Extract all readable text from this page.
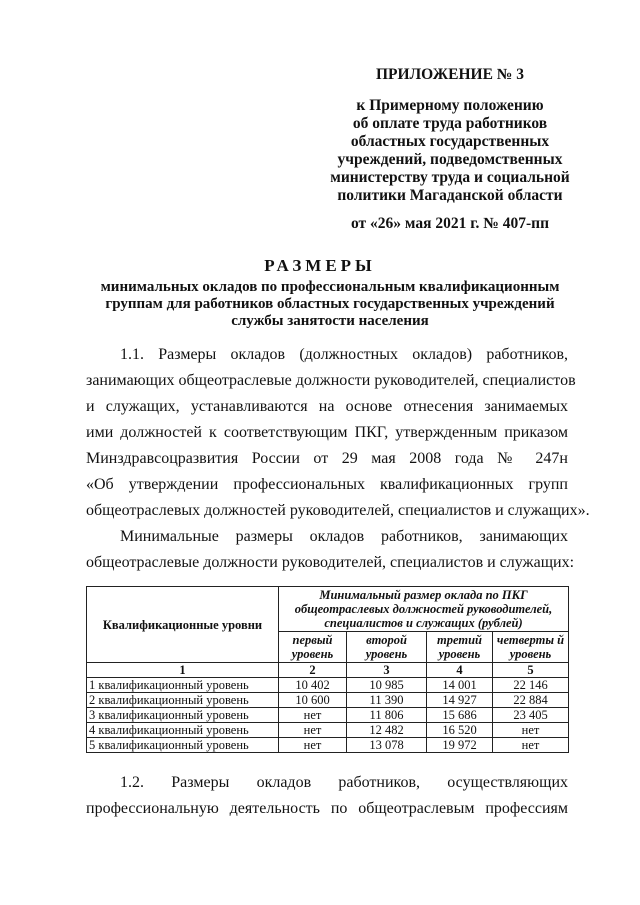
ПРИЛОЖЕНИЕ № 3
к Примерному положению
об оплате труда работников
областных государственных
учреждений, подведомственных
министерству труда и социальной
политики Магаданской области
от «26» мая 2021 г. № 407-пп
РАЗМЕРЫ
минимальных окладов по профессиональным квалификационным
группам для работников областных государственных учреждений
службы занятости населения
1.1. Размеры окладов (должностных окладов) работников,
занимающих общеотраслевые должности руководителей, специалистов
и служащих, устанавливаются на основе отнесения занимаемых
ими должностей к соответствующим ПКГ, утвержденным приказом
Минздравсоцразвития России от 29 мая 2008 года № 247н
«Об утверждении профессиональных квалификационных групп
общеотраслевых должностей руководителей, специалистов и служащих».
Минимальные размеры окладов работников, занимающих
общеотраслевые должности руководителей, специалистов и служащих:
Квалификационные уровни	Минимальный размер оклада по ПКГ общеотраслевых должностей руководителей, специалистов и служащих (рублей)			
	первый уровень	второй уровень	третий уровень	четверты й уровень
1	2	3	4	5
1 квалификационный уровень	10 402	10 985	14 001	22 146
2 квалификационный уровень	10 600	11 390	14 927	22 884
3 квалификационный уровень	нет	11 806	15 686	23 405
4 квалификационный уровень	нет	12 482	16 520	нет
5 квалификационный уровень	нет	13 078	19 972	нет
1.2. Размеры окладов работников, осуществляющих
профессиональную деятельность по общеотраслевым профессиям
